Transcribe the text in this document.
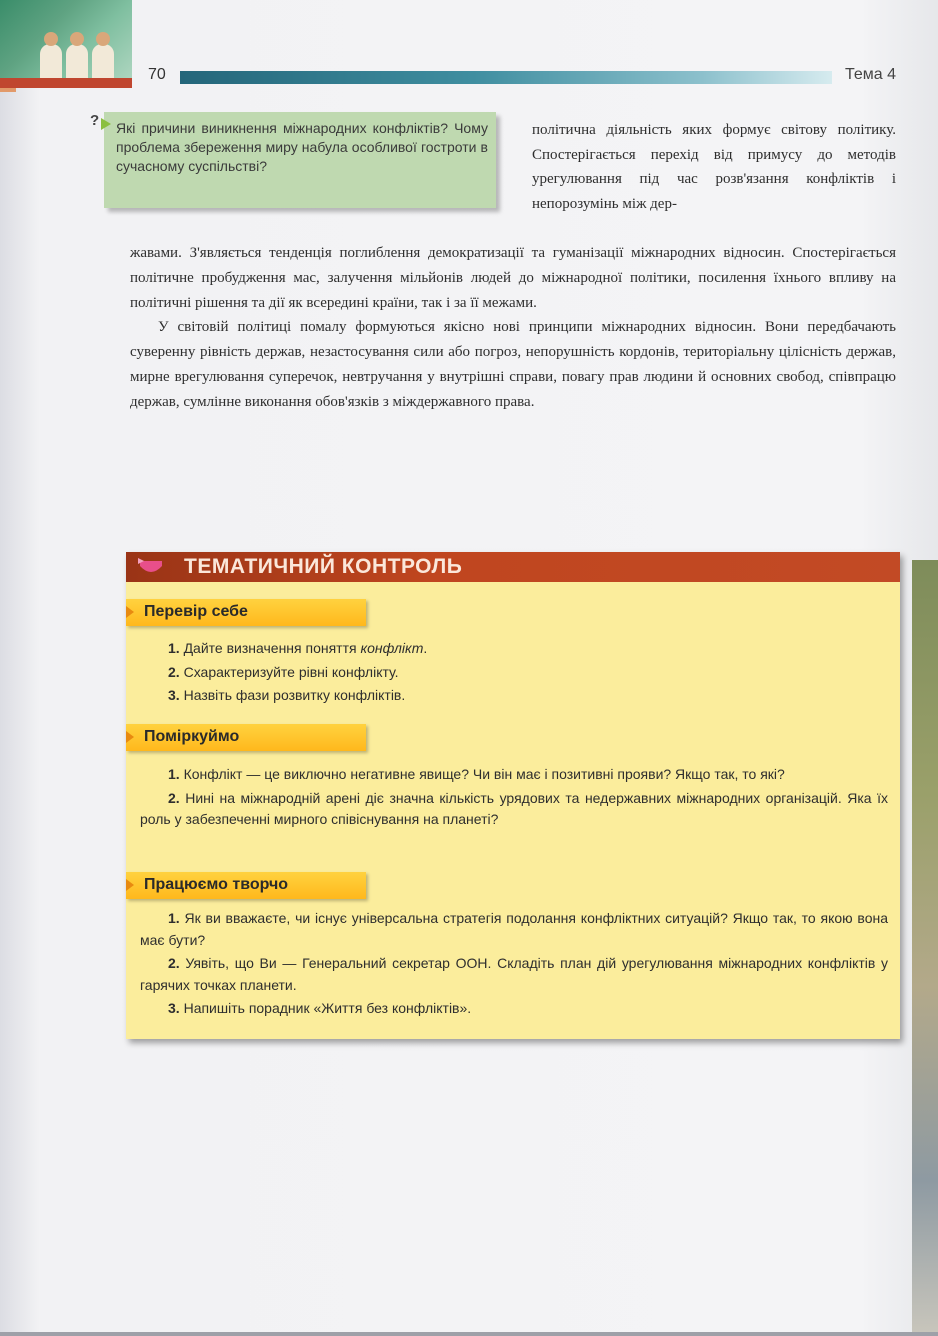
70	Тема 4
?	Які причини виникнення міжнародних конфліктів? Чому проблема збереження миру набула особливої гостроти в сучасному суспільстві?

політична діяльність яких формує світову політику. Спостерігається перехід від примусу до методів урегулювання під час розв'язання конфліктів і непорозумінь між дер-

жавами. З'являється тенденція поглиблення демократизації та гуманізації міжнародних відносин. Спостерігається політичне пробудження мас, залучення мільйонів людей до міжнародної політики, посилення їхнього впливу на політичні рішення та дії як всередині країни, так і за її межами.

У світовій політиці помалу формуються якісно нові принципи міжнародних відносин. Вони передбачають суверенну рівність держав, незастосування сили або погроз, непорушність кордонів, територіальну цілісність держав, мирне врегулювання суперечок, невтручання у внутрішні справи, повагу прав людини й основних свобод, співпрацю держав, сумлінне виконання обов'язків з міждержавного права.

ТЕМАТИЧНИЙ КОНТРОЛЬ
Перевір себе
1. Дайте визначення поняття конфлікт.
2. Схарактеризуйте рівні конфлікту.
3. Назвіть фази розвитку конфліктів.
Поміркуймо
1. Конфлікт — це виключно негативне явище? Чи він має і позитивні прояви? Якщо так, то які?
2. Нині на міжнародній арені діє значна кількість урядових та недержавних міжнародних організацій. Яка їх роль у забезпеченні мирного співіснування на планеті?
Працюємо творчо
1. Як ви вважаєте, чи існує універсальна стратегія подолання конфліктних ситуацій? Якщо так, то якою вона має бути?
2. Уявіть, що Ви — Генеральний секретар ООН. Складіть план дій урегулювання міжнародних конфліктів у гарячих точках планети.
3. Напишіть порадник «Життя без конфліктів».
